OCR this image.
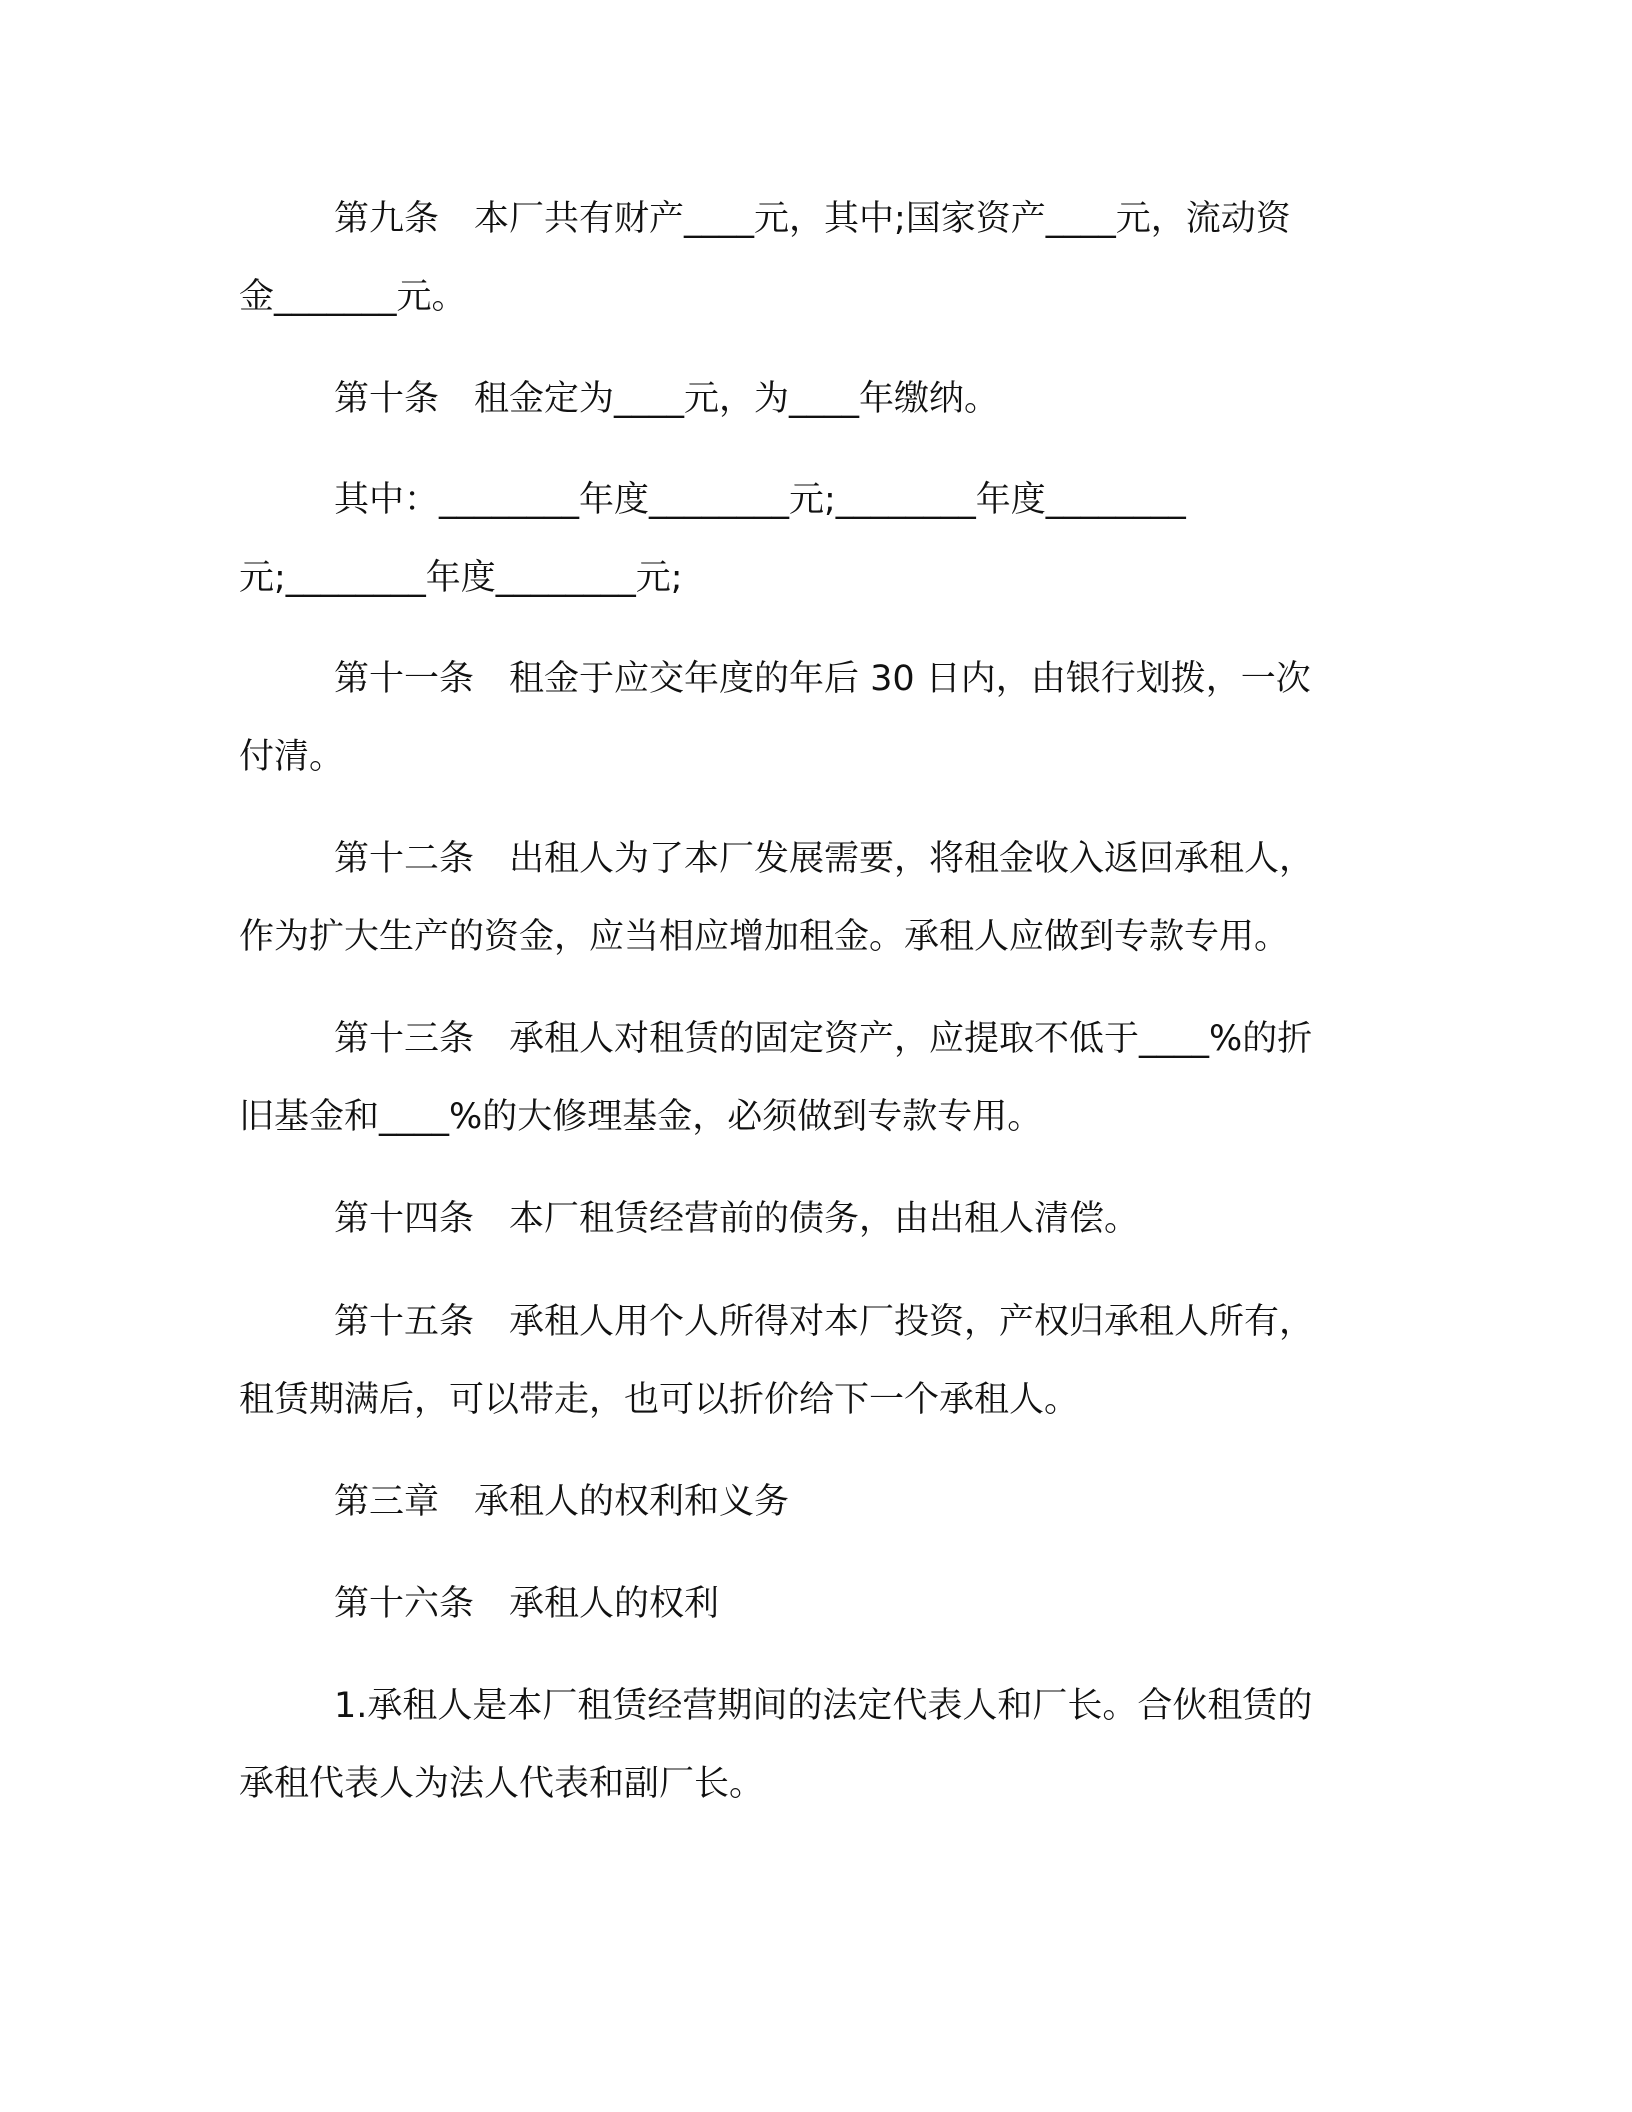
第九条　本厂共有财产____元，其中;国家资产____元，流动资
金_______元。
第十条　租金定为____元，为____年缴纳。
其中：________年度________元;________年度________
元;________年度________元;
第十一条　租金于应交年度的年后 30 日内，由银行划拨，一次
付清。
第十二条　出租人为了本厂发展需要，将租金收入返回承租人，
作为扩大生产的资金，应当相应增加租金。承租人应做到专款专用。
第十三条　承租人对租赁的固定资产，应提取不低于____%的折
旧基金和____%的大修理基金，必须做到专款专用。
第十四条　本厂租赁经营前的债务，由出租人清偿。
第十五条　承租人用个人所得对本厂投资，产权归承租人所有，
租赁期满后，可以带走，也可以折价给下一个承租人。
第三章　承租人的权利和义务
第十六条　承租人的权利
1.承租人是本厂租赁经营期间的法定代表人和厂长。合伙租赁的
承租代表人为法人代表和副厂长。
